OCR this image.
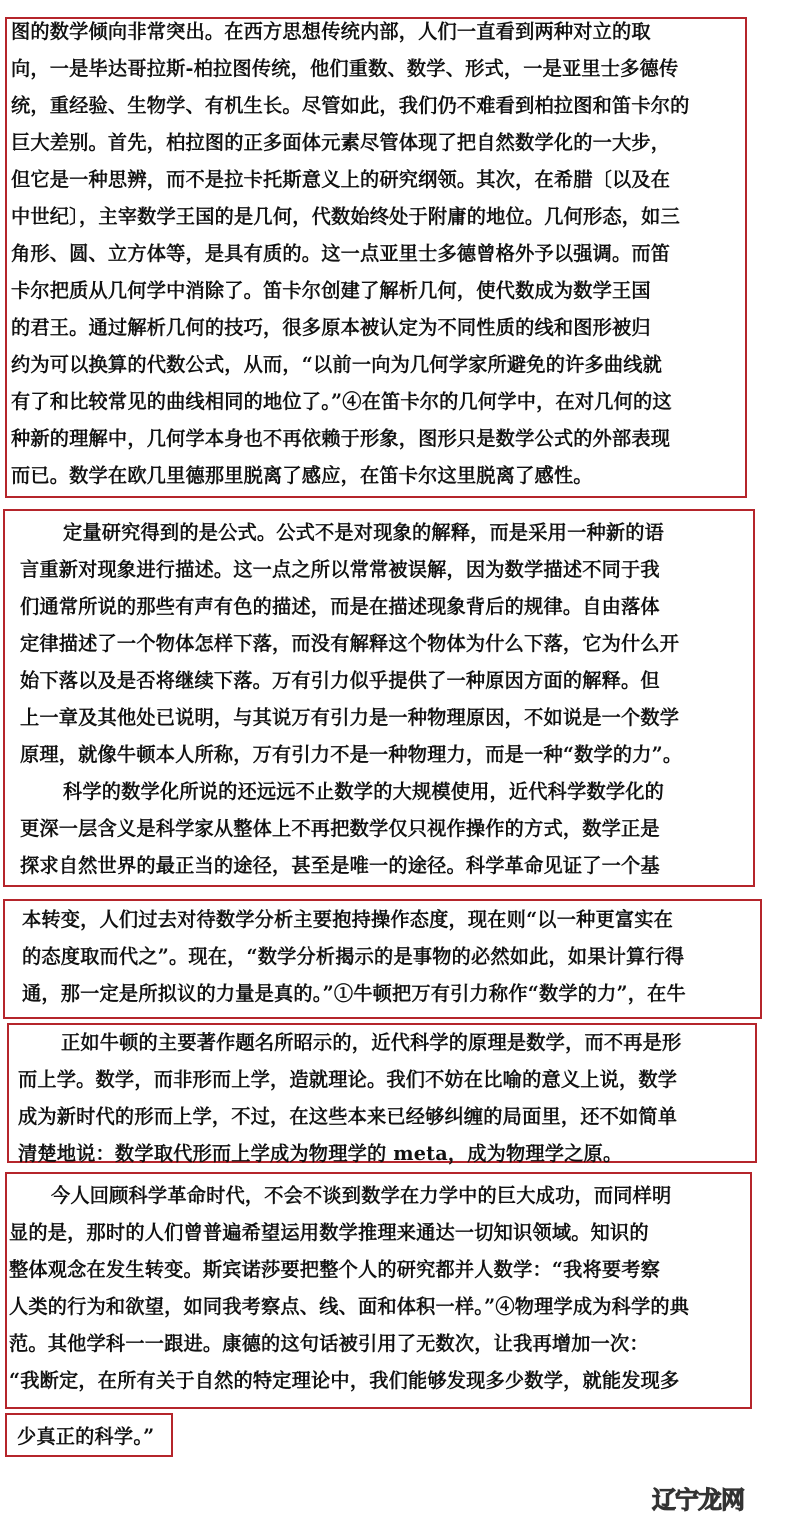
图的数学倾向非常突出。在西方思想传统内部，人们一直看到两种对立的取
向，一是毕达哥拉斯-柏拉图传统，他们重数、数学、形式，一是亚里士多德传
统，重经验、生物学、有机生长。尽管如此，我们仍不难看到柏拉图和笛卡尔的
巨大差别。首先，柏拉图的正多面体元素尽管体现了把自然数学化的一大步，
但它是一种思辨，而不是拉卡托斯意义上的研究纲领。其次，在希腊〔以及在
中世纪〕，主宰数学王国的是几何，代数始终处于附庸的地位。几何形态，如三
角形、圆、立方体等，是具有质的。这一点亚里士多德曾格外予以强调。而笛
卡尔把质从几何学中消除了。笛卡尔创建了解析几何，使代数成为数学王国
的君王。通过解析几何的技巧，很多原本被认定为不同性质的线和图形被归
约为可以换算的代数公式，从而，“以前一向为几何学家所避免的许多曲线就
有了和比较常见的曲线相同的地位了。”④在笛卡尔的几何学中，在对几何的这
种新的理解中，几何学本身也不再依赖于形象，图形只是数学公式的外部表现
而已。数学在欧几里德那里脱离了感应，在笛卡尔这里脱离了感性。
定量研究得到的是公式。公式不是对现象的解释，而是采用一种新的语
言重新对现象进行描述。这一点之所以常常被误解，因为数学描述不同于我
们通常所说的那些有声有色的描述，而是在描述现象背后的规律。自由落体
定律描述了一个物体怎样下落，而没有解释这个物体为什么下落，它为什么开
始下落以及是否将继续下落。万有引力似乎提供了一种原因方面的解释。但
上一章及其他处已说明，与其说万有引力是一种物理原因，不如说是一个数学
原理，就像牛顿本人所称，万有引力不是一种物理力，而是一种“数学的力”。
科学的数学化所说的还远远不止数学的大规模使用，近代科学数学化的
更深一层含义是科学家从整体上不再把数学仅只视作操作的方式，数学正是
探求自然世界的最正当的途径，甚至是唯一的途径。科学革命见证了一个基
本转变，人们过去对待数学分析主要抱持操作态度，现在则“以一种更富实在
的态度取而代之”。现在，“数学分析揭示的是事物的必然如此，如果计算行得
通，那一定是所拟议的力量是真的。”①牛顿把万有引力称作“数学的力”，在牛
正如牛顿的主要著作题名所昭示的，近代科学的原理是数学，而不再是形
而上学。数学，而非形而上学，造就理论。我们不妨在比喻的意义上说，数学
成为新时代的形而上学，不过，在这些本来已经够纠缠的局面里，还不如简单
清楚地说：数学取代形而上学成为物理学的 meta，成为物理学之原。
今人回顾科学革命时代，不会不谈到数学在力学中的巨大成功，而同样明
显的是，那时的人们曾普遍希望运用数学推理来通达一切知识领域。知识的
整体观念在发生转变。斯宾诺莎要把整个人的研究都并人数学：“我将要考察
人类的行为和欲望，如同我考察点、线、面和体积一样。”④物理学成为科学的典
范。其他学科一一跟进。康德的这句话被引用了无数次，让我再增加一次：
“我断定，在所有关于自然的特定理论中，我们能够发现多少数学，就能发现多
少真正的科学。”
辽宁龙网
